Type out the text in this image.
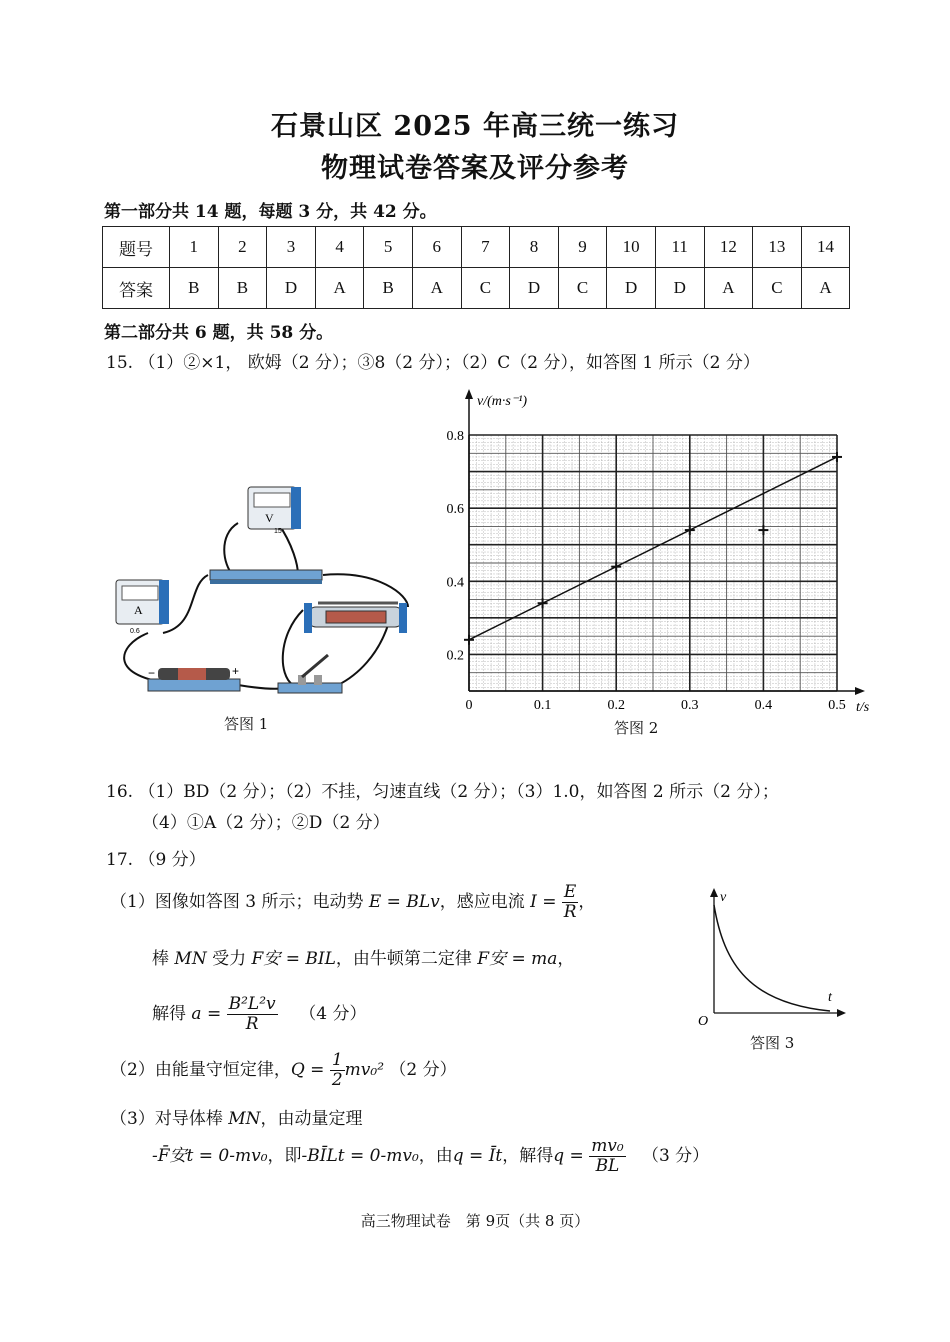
石景山区 2025 年高三统一练习
物理试卷答案及评分参考
第一部分共 14 题，每题 3 分，共 42 分。
题号	1	2	3	4	5	6	7	8	9	10	11	12	13	14
答案	B	B	D	A	B	A	C	D	C	D	D	A	C	A
第二部分共 6 题，共 58 分。
15. （1）②×1， 欧姆（2 分）；③8（2 分）；（2）C（2 分），如答图 1 所示（2 分）
V
15
A
0.6
−	+
答图 1
v/(m·s⁻¹)
t/s
0	0.1	0.2	0.3	0.4	0.5
0.2
0.4
0.6
0.8
答图 2
16. （1）BD（2 分）；（2）不挂，匀速直线（2 分）；（3）1.0，如答图 2 所示（2 分）；
（4）①A（2 分）；②D（2 分）
17. （9 分）
（1）图像如答图 3 所示；电动势 E = BLv，感应电流 $I = \frac{E}{R}$ ，
棒 MN 受力 F安 = BIL，由牛顿第二定律 F安 = ma，
解得 $a = \frac{\text{B²L²v}}{R} (4$ 分）
（2）由能量守恒定律，$Q = \frac{1}{2} mv_0^2$ （2 分）
（3）对导体棒 MN，由动量定理
-F̄安t = 0-mv₀，即-BĪLt = 0-mv₀，由q = Īt，解得$q = \frac{\text{mv₀}}{BL} (3$ 分）
v
t
O
答图 3
高三物理试卷　第 9页（共 8 页）
